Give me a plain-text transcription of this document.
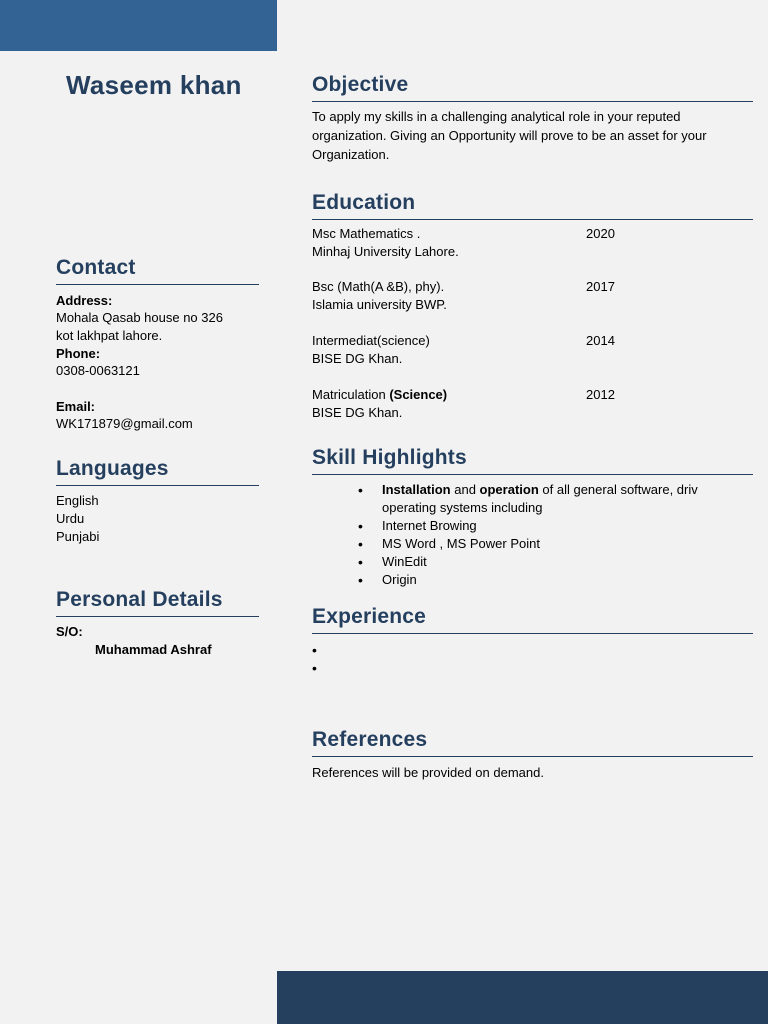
Waseem khan
Contact
Address:
Mohala Qasab house no 326
kot lakhpat lahore.
Phone:
0308-0063121
Email:
WK171879@gmail.com
Languages
English
Urdu
Punjabi
Personal Details
S/O:
Muhammad Ashraf
Objective
To apply my skills in a challenging analytical role in your reputed
organization. Giving an Opportunity will prove to be an asset for your
Organization.
Education
Msc Mathematics .
Minhaj University Lahore.
2020
Bsc (Math(A &B), phy).
Islamia university BWP.
2017
Intermediat(science)
BISE DG Khan.
2014
Matriculation (Science)
BISE DG Khan.
2012
Skill Highlights
• Installation and operation of all general software, driv
operating systems including
• Internet Browing
• MS Word , MS Power Point
• WinEdit
• Origin
Experience
•
•
References
References will be provided on demand.
